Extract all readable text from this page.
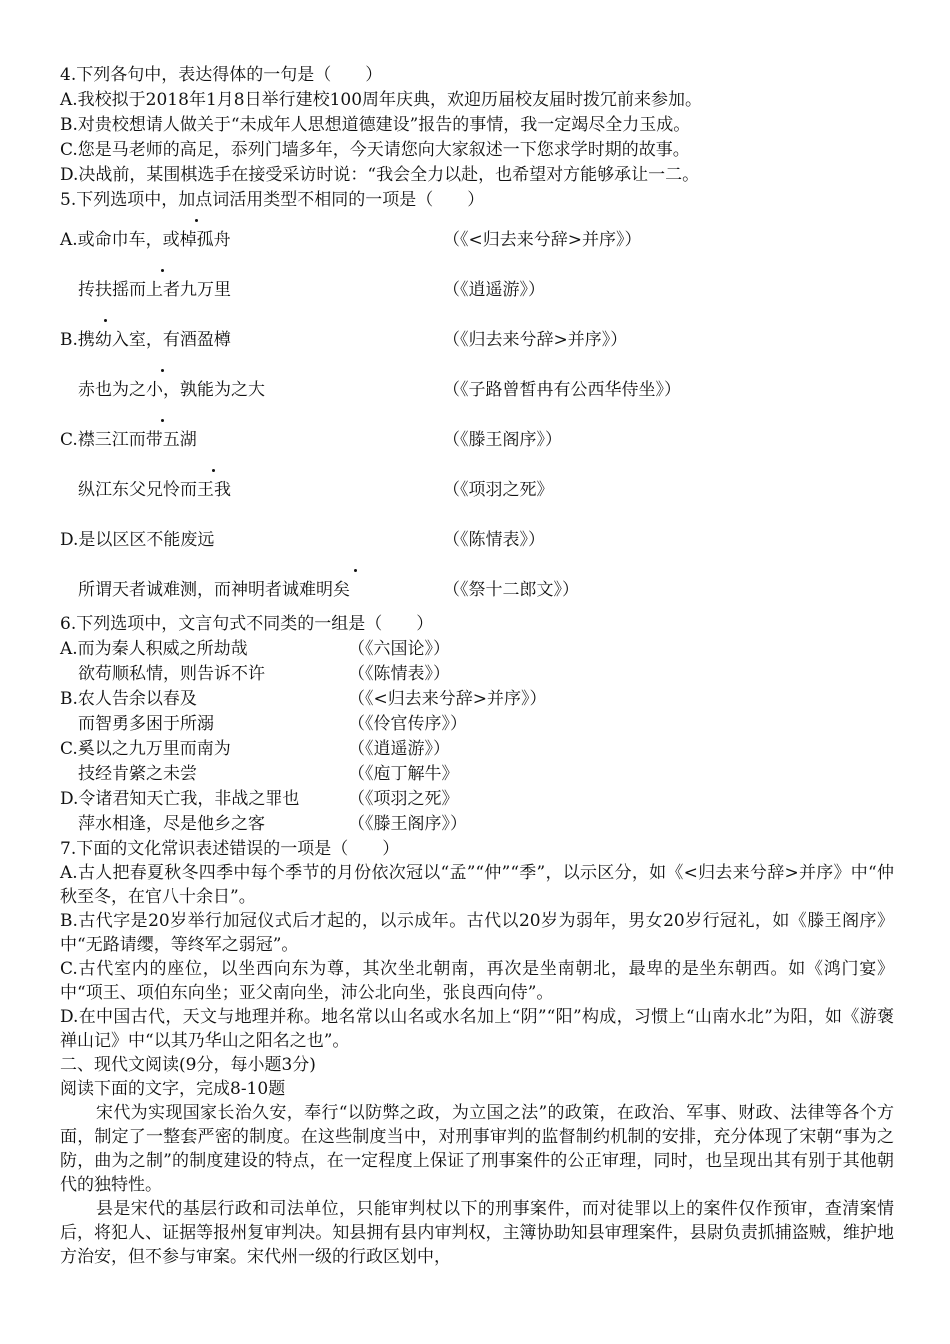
4.下列各句中，表达得体的一句是（　　）
A.我校拟于2018年1月8日举行建校100周年庆典，欢迎历届校友届时拨冗前来参加。
B.对贵校想请人做关于“未成年人思想道德建设”报告的事情，我一定竭尽全力玉成。
C.您是马老师的高足，忝列门墙多年，今天请您向大家叙述一下您求学时期的故事。
D.决战前，某围棋选手在接受采访时说：“我会全力以赴，也希望对方能够承让一二。
5.下列选项中，加点词活用类型不相同的一项是（　　）
A.或命巾车，或棹孤舟	（《<归去来兮辞>并序》）
抟扶摇而上者九万里	（《逍遥游》）
B.携幼入室，有酒盈樽	（《归去来兮辞>并序》）
赤也为之小，孰能为之大	（《子路曾皙冉有公西华侍坐》）
C.襟三江而带五湖	（《滕王阁序》）
纵江东父兄怜而王我	（《项羽之死》
D.是以区区不能废远	（《陈情表》）
所谓天者诚难测，而神明者诚难明矣	（《祭十二郎文》）
6.下列选项中，文言句式不同类的一组是（　　）
A.而为秦人积威之所劫哉	（《六国论》）
欲苟顺私情，则告诉不许	（《陈情表》）
B.农人告余以春及	（《<归去来兮辞>并序》）
而智勇多困于所溺	（《伶官传序》）
C.奚以之九万里而南为	（《逍遥游》）
技经肯綮之未尝	（《庖丁解牛》
D.令诸君知天亡我，非战之罪也	（《项羽之死》
萍水相逢，尽是他乡之客	（《滕王阁序》）
7.下面的文化常识表述错误的一项是（　　）

A.古人把春夏秋冬四季中每个季节的月份依次冠以“孟”“仲”“季”，以示区分，如《<归去来兮辞>并序》中“仲秋至冬，在官八十余日”。

B.古代字是20岁举行加冠仪式后才起的，以示成年。古代以20岁为弱年，男女20岁行冠礼，如《滕王阁序》中“无路请缨，等终军之弱冠”。

C.古代室内的座位，以坐西向东为尊，其次坐北朝南，再次是坐南朝北，最卑的是坐东朝西。如《鸿门宴》中“项王、项伯东向坐；亚父南向坐，沛公北向坐，张良西向侍”。

D.在中国古代，天文与地理并称。地名常以山名或水名加上“阴”“阳”构成，习惯上“山南水北”为阳，如《游褒禅山记》中“以其乃华山之阳名之也”。

二、现代文阅读(9分，每小题3分)

阅读下面的文字，完成8-10题

宋代为实现国家长治久安，奉行“以防弊之政，为立国之法”的政策，在政治、军事、财政、法律等各个方面，制定了一整套严密的制度。在这些制度当中，对刑事审判的监督制约机制的安排，充分体现了宋朝“事为之防，曲为之制”的制度建设的特点，在一定程度上保证了刑事案件的公正审理，同时，也呈现出其有别于其他朝代的独特性。

县是宋代的基层行政和司法单位，只能审判杖以下的刑事案件，而对徒罪以上的案件仅作预审，查清案情后，将犯人、证据等报州复审判决。知县拥有县内审判权，主簿协助知县审理案件，县尉负责抓捕盗贼，维护地方治安，但不参与审案。宋代州一级的行政区划中，
